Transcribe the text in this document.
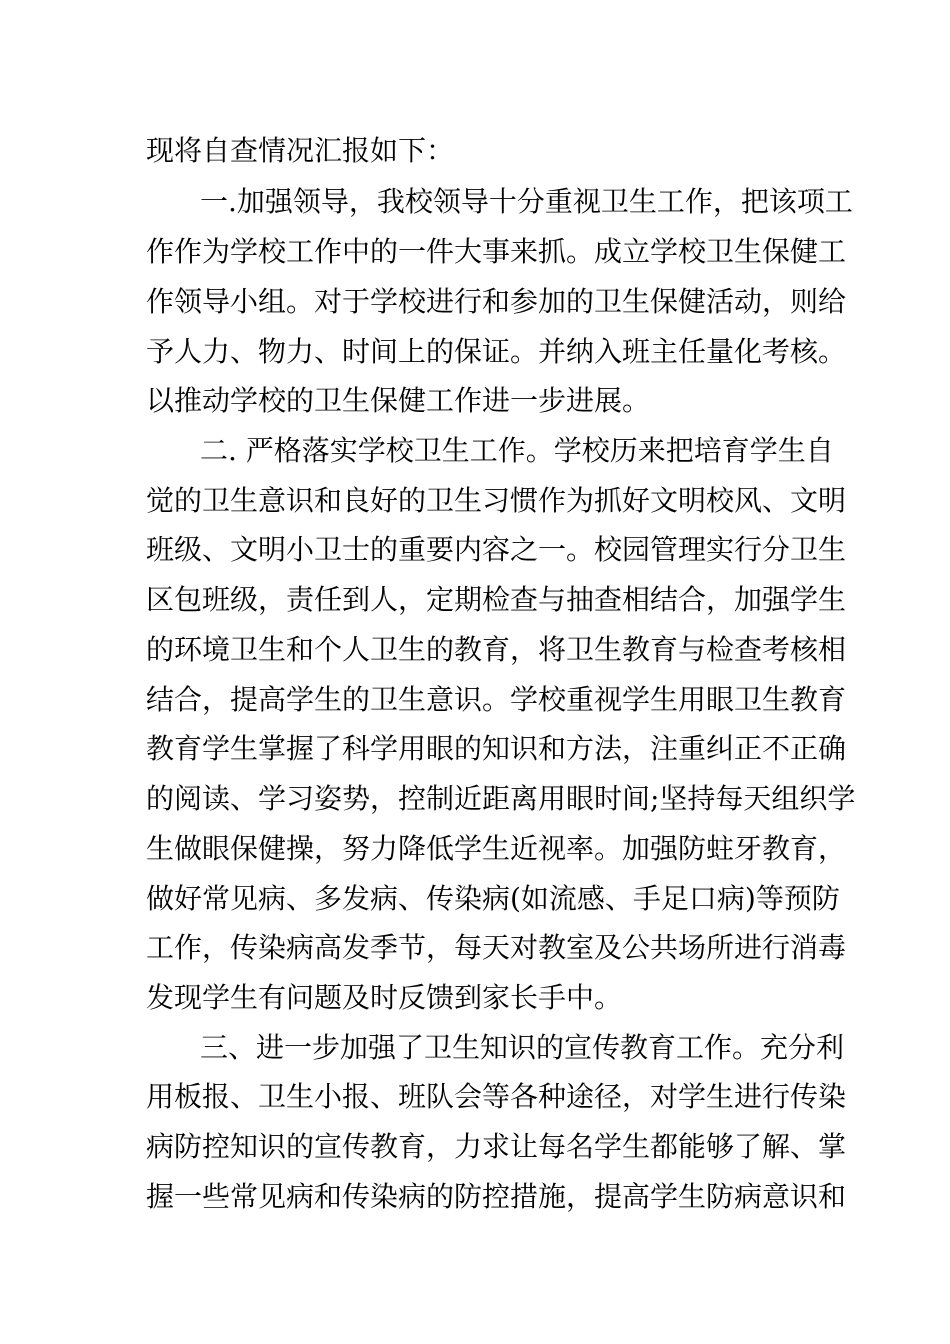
现将自查情况汇报如下：
一.加强领导，我校领导十分重视卫生工作，把该项工
作作为学校工作中的一件大事来抓。成立学校卫生保健工
作领导小组。对于学校进行和参加的卫生保健活动，则给
予人力、物力、时间上的保证。并纳入班主任量化考核。
以推动学校的卫生保健工作进一步进展。
二. 严格落实学校卫生工作。学校历来把培育学生自
觉的卫生意识和良好的卫生习惯作为抓好文明校风、文明
班级、文明小卫士的重要内容之一。校园管理实行分卫生
区包班级，责任到人，定期检查与抽查相结合，加强学生
的环境卫生和个人卫生的教育，将卫生教育与检查考核相
结合，提高学生的卫生意识。学校重视学生用眼卫生教育
教育学生掌握了科学用眼的知识和方法，注重纠正不正确
的阅读、学习姿势，控制近距离用眼时间;坚持每天组织学
生做眼保健操，努力降低学生近视率。加强防蛀牙教育，
做好常见病、多发病、传染病(如流感、手足口病)等预防
工作，传染病高发季节，每天对教室及公共场所进行消毒
发现学生有问题及时反馈到家长手中。
三、进一步加强了卫生知识的宣传教育工作。充分利
用板报、卫生小报、班队会等各种途径，对学生进行传染
病防控知识的宣传教育，力求让每名学生都能够了解、掌
握一些常见病和传染病的防控措施，提高学生防病意识和
